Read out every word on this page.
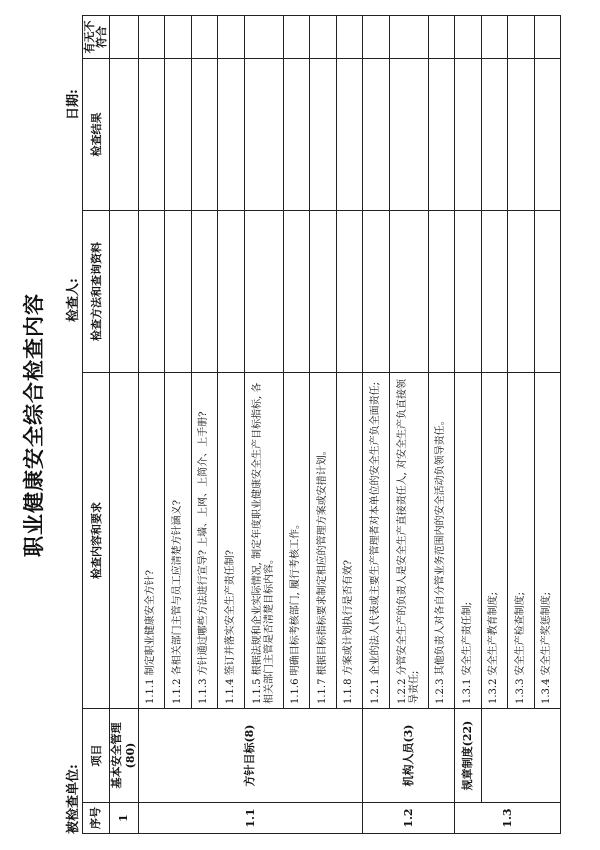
职业健康安全综合检查内容
被检查单位:
检查人:
日期:
序号	项目	检查内容和要求	检查方法和查询资料	检查结果	有无不符合
1	基本安全管理(80)				
1.1	方针目标(8)	1.1.1 制定职业健康安全方针?			
		1.1.2 各相关部门主管与员工应清楚方针涵义?			
		1.1.3 方针通过哪些方法进行宣导? 上墙、上网、上简介、上手册?			
		1.1.4 签订并落实安全生产责任制?			
		1.1.5 根据法规和企业实际情况, 制定年度职业健康安全生产目标指标, 各相关部门主管是否清楚目标内容。			
		1.1.6 明确目标考核部门, 履行考核工作。			
		1.1.7 根据目标指标要求制定相应的管理方案或安措计划。			
		1.1.8 方案或计划执行是否有效?			
1.2	机构人员(3)	1.2.1 企业的法人代表或主要生产管理者对本单位的安全生产负全面责任;			
		1.2.2 分管安全生产的负责人是安全生产直接责任人, 对安全生产负直接领导责任;			
		1.2.3 其他负责人对各自分管业务范围内的安全活动负领导责任。			
1.3	规章制度(22)	1.3.1 安全生产责任制;			
		1.3.2 安全生产教育制度;			
		1.3.3 安全生产检查制度;			
		1.3.4 安全生产奖惩制度;			
